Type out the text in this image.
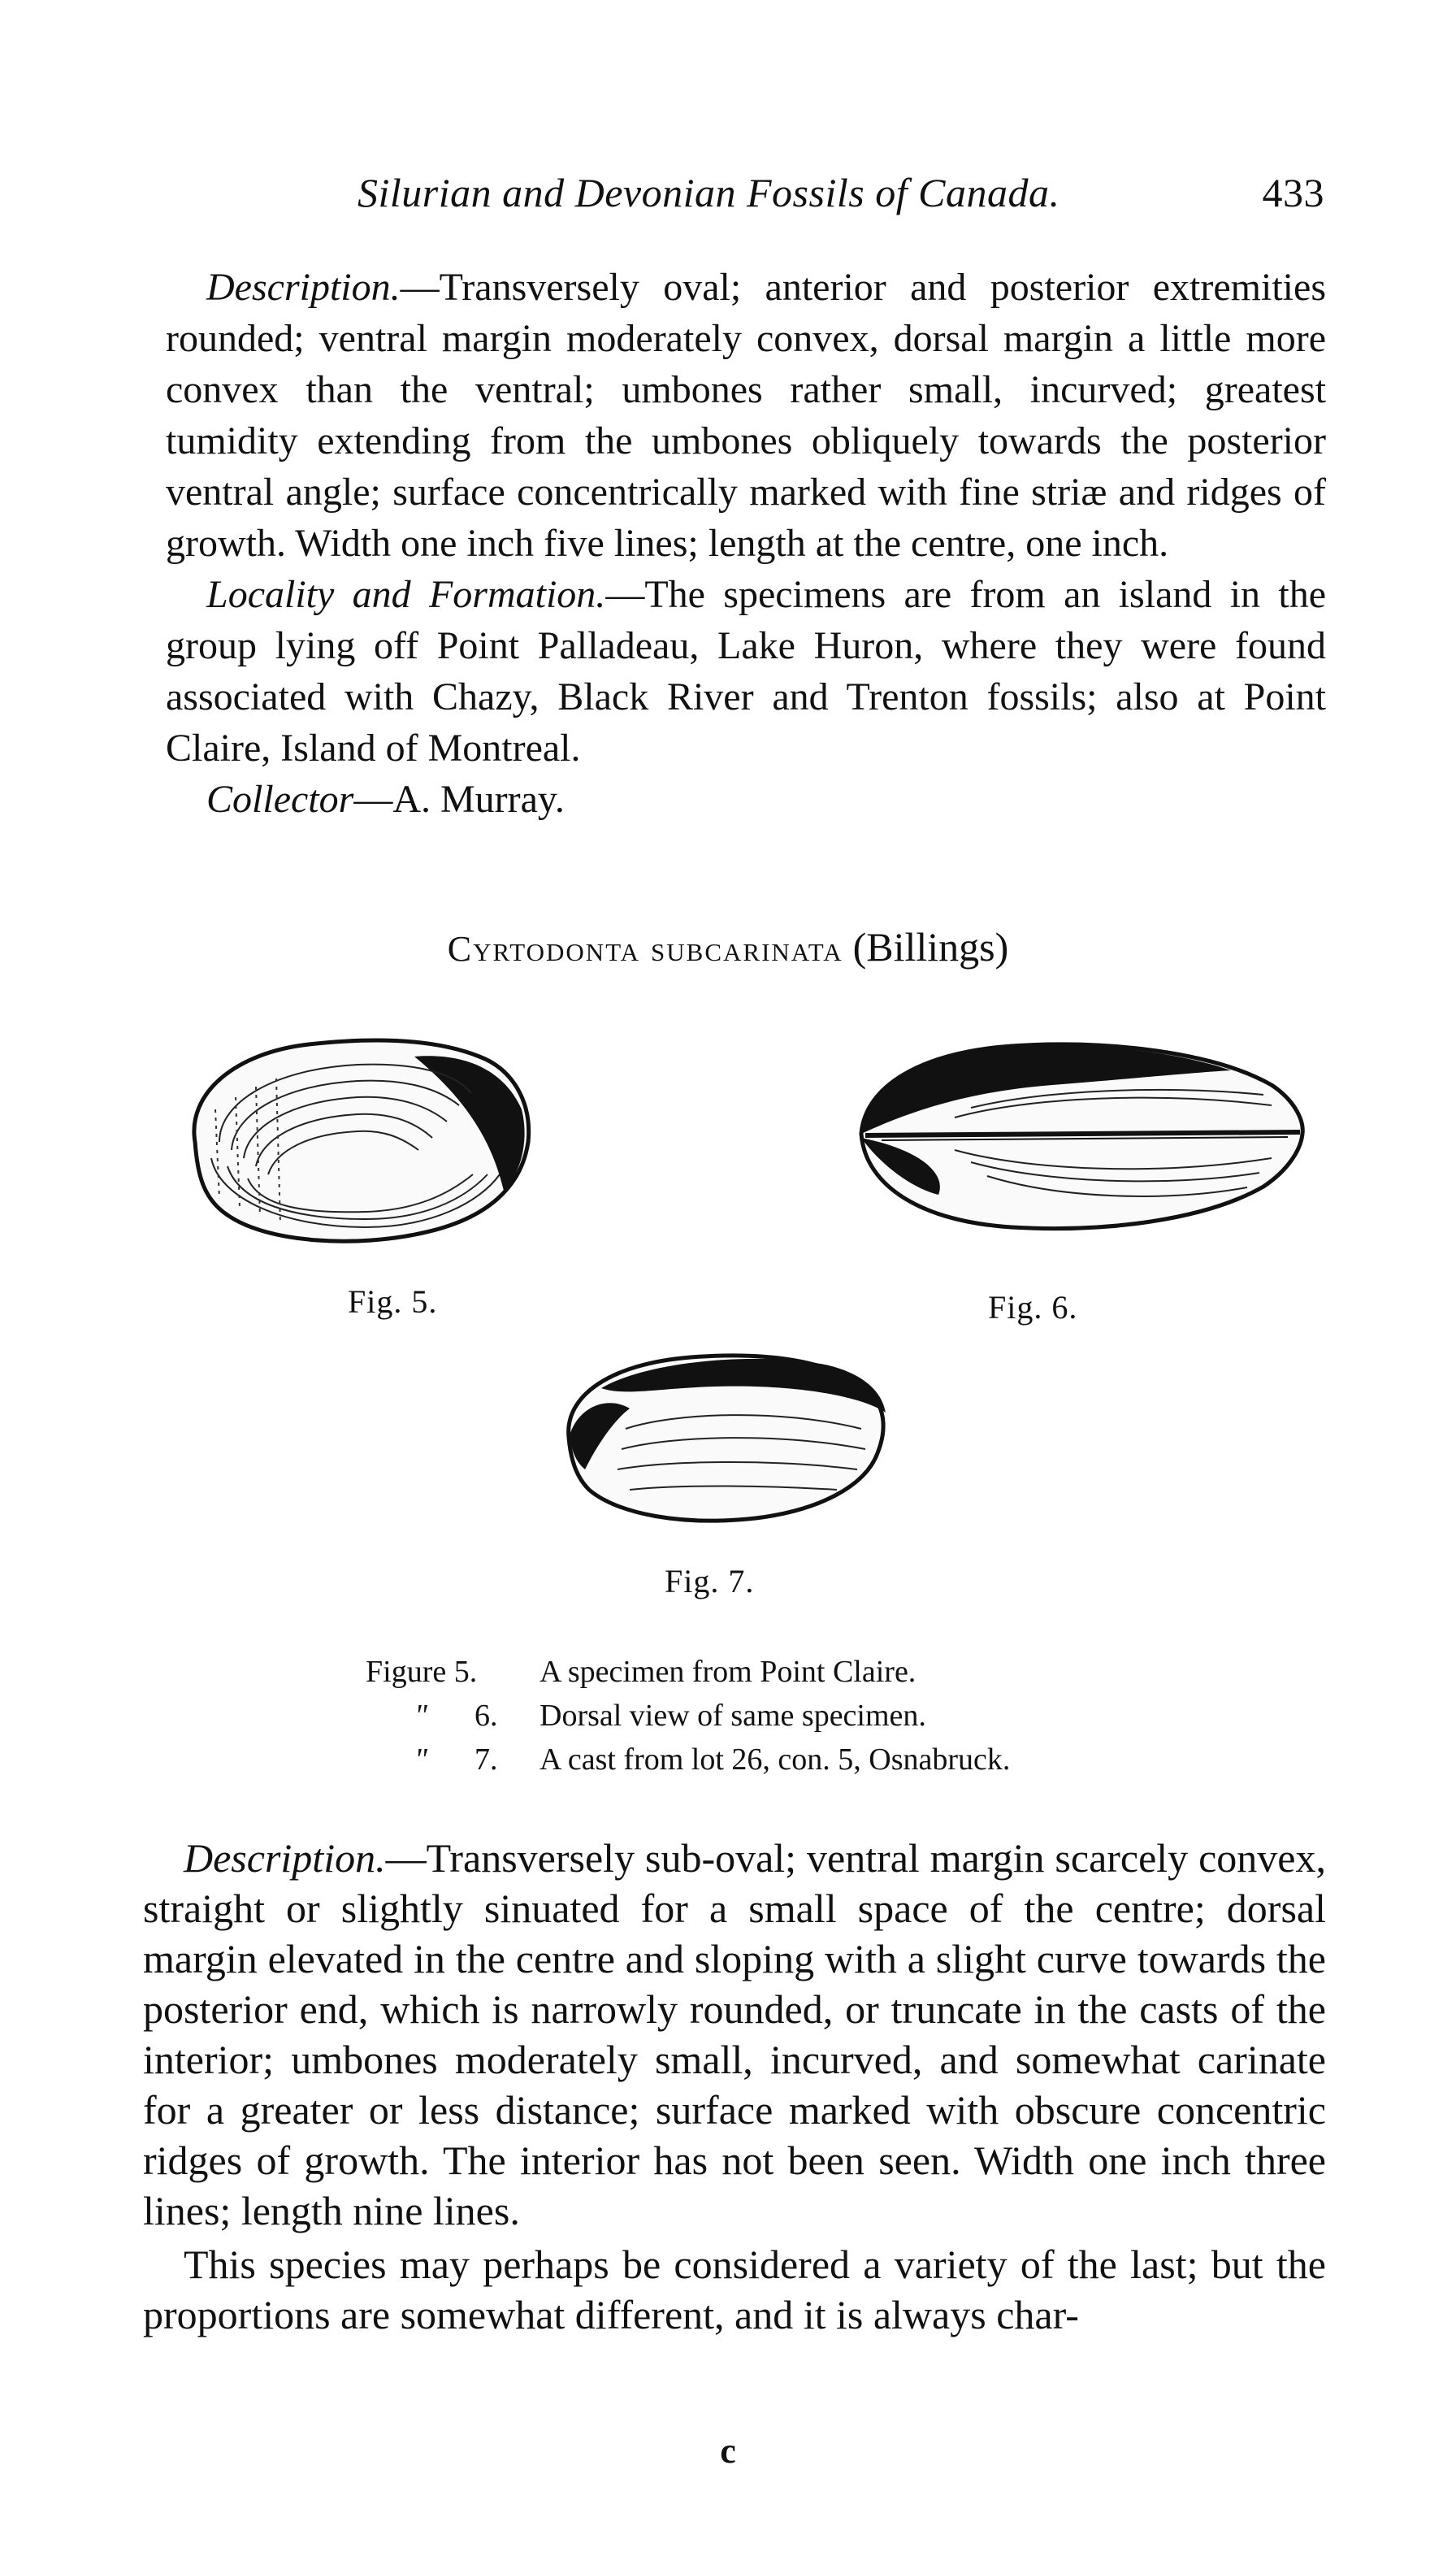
Silurian and Devonian Fossils of Canada.	433

Description.—Transversely oval; anterior and posterior extremities rounded; ventral margin moderately convex, dorsal margin a little more convex than the ventral; umbones rather small, incurved; greatest tumidity extending from the umbones obliquely towards the posterior ventral angle; surface concentrically marked with fine striæ and ridges of growth. Width one inch five lines; length at the centre, one inch.

Locality and Formation.—The specimens are from an island in the group lying off Point Palladeau, Lake Huron, where they were found associated with Chazy, Black River and Trenton fossils; also at Point Claire, Island of Montreal.

Collector—A. Murray.

Cyrtodonta subcarinata (Billings)
Fig. 5.	Fig. 6.
Fig. 7.
Figure 5. A specimen from Point Claire.
" 6. Dorsal view of same specimen.
" 7. A cast from lot 26, con. 5, Osnabruck.

Description.—Transversely sub-oval; ventral margin scarcely convex, straight or slightly sinuated for a small space of the centre; dorsal margin elevated in the centre and sloping with a slight curve towards the posterior end, which is narrowly rounded, or truncate in the casts of the interior; umbones moderately small, incurved, and somewhat carinate for a greater or less distance; surface marked with obscure concentric ridges of growth. The interior has not been seen. Width one inch three lines; length nine lines.

This species may perhaps be considered a variety of the last; but the proportions are somewhat different, and it is always char-

c
